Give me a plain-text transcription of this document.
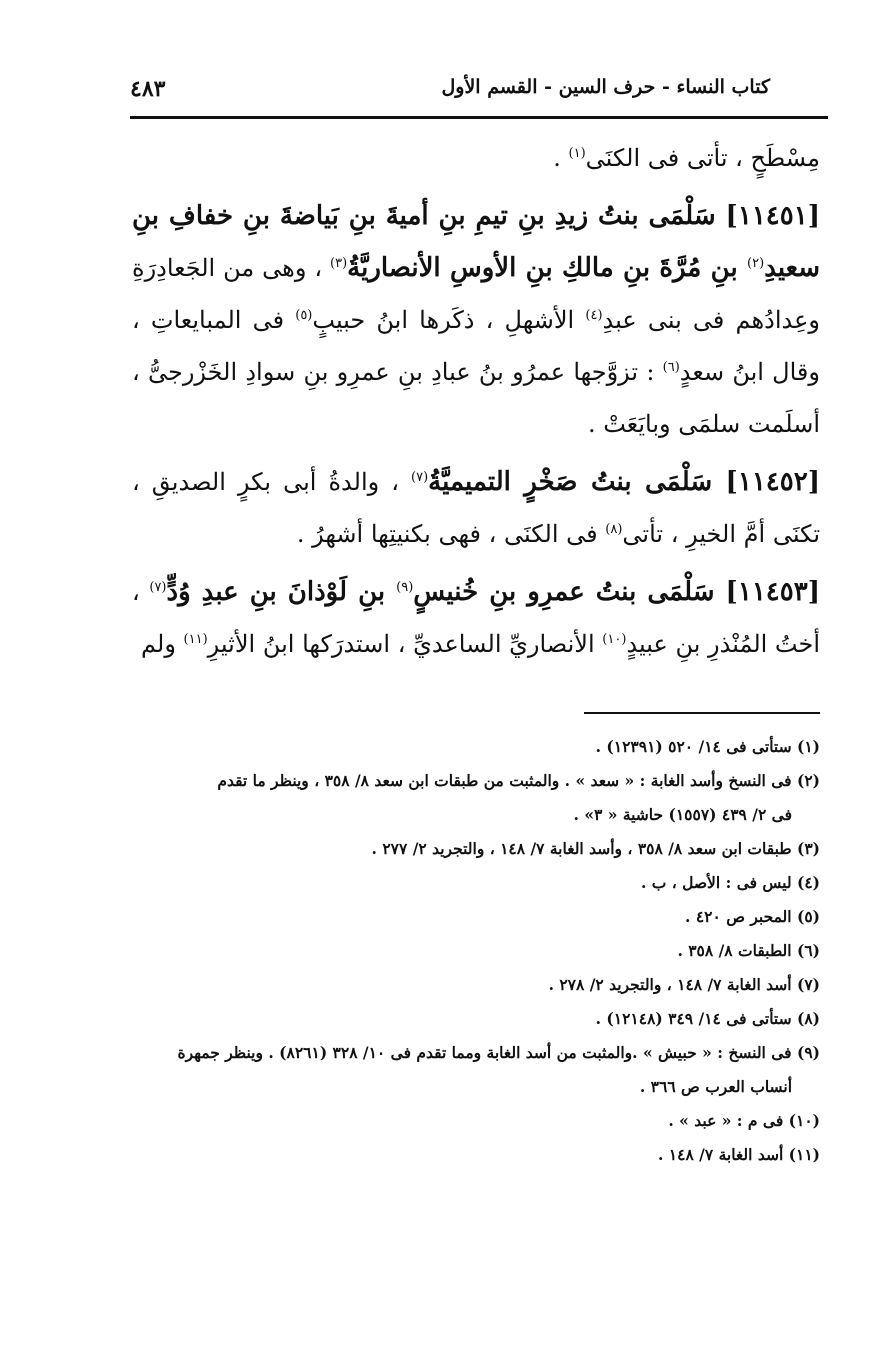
٤٨٣	كتاب النساء - حرف السين - القسم الأول

مِسْطَحٍ ، تأتى فى الكنَى$^{(١)}$ .

[١١٤٥١] سَلْمَى بنتُ زيدِ بنِ تيمِ بنِ أميةَ بنِ بَياضةَ بنِ خفافِ بنِ سعيدِ$^{(٢)}$ بنِ مُرَّةَ بنِ مالكِ بنِ الأوسِ الأنصاريَّةُ$^{(٣)}$ ، وهى من الجَعادِرَةِ وعِدادُهم فى بنى عبدِ$^{(٤)}$ الأشهلِ ، ذكَرها ابنُ حبيبٍ$^{(٥)}$ فى المبايعاتِ ، وقال ابنُ سعدٍ$^{(٦)}$ : تزوَّجها عمرُو بنُ عبادِ بنِ عمرِو بنِ سوادِ الخَزْرجىُّ ، أسلَمت سلمَى وبايَعَتْ .

[١١٤٥٢] سَلْمَى بنتُ صَخْرٍ التميميَّةُ$^{(٧)}$ ، والدةُ أبى بكرٍ الصديقِ ، تكنَى أمَّ الخيرِ ، تأتى$^{(٨)}$ فى الكنَى ، فهى بكنيتِها أشهرُ .

[١١٤٥٣] سَلْمَى بنتُ عمرِو بنِ خُنيسٍ$^{(٩)}$ بنِ لَوْذانَ بنِ عبدِ وُدٍّ$^{(٧)}$ ، أختُ المُنْذرِ بنِ عبيدٍ$^{(١٠)}$ الأنصاريِّ الساعديِّ ، استدرَكها ابنُ الأثيرِ$^{(١١)}$ ولم

(١) ستأتى فى ١٤/ ٥٢٠ (١٢٣٩١) .
(٢) فى النسخ وأسد الغابة : « سعد » . والمثبت من طبقات ابن سعد ٨/ ٣٥٨ ، وينظر ما تقدم
فى ٢/ ٤٣٩ (١٥٥٧) حاشية « ٣» .
(٣) طبقات ابن سعد ٨/ ٣٥٨ ، وأسد الغابة ٧/ ١٤٨ ، والتجريد ٢/ ٢٧٧ .
(٤) ليس فى : الأصل ، ب .
(٥) المحبر ص ٤٢٠ .
(٦) الطبقات ٨/ ٣٥٨ .
(٧) أسد الغابة ٧/ ١٤٨ ، والتجريد ٢/ ٢٧٨ .
(٨) ستأتى فى ١٤/ ٣٤٩ (١٢١٤٨) .
(٩) فى النسخ : « حبيش » .والمثبت من أسد الغابة ومما تقدم فى ١٠/ ٣٢٨ (٨٢٦١) . وينظر جمهرة
أنساب العرب ص ٣٦٦ .
(١٠) فى م : « عبد » .
(١١) أسد الغابة ٧/ ١٤٨ .
